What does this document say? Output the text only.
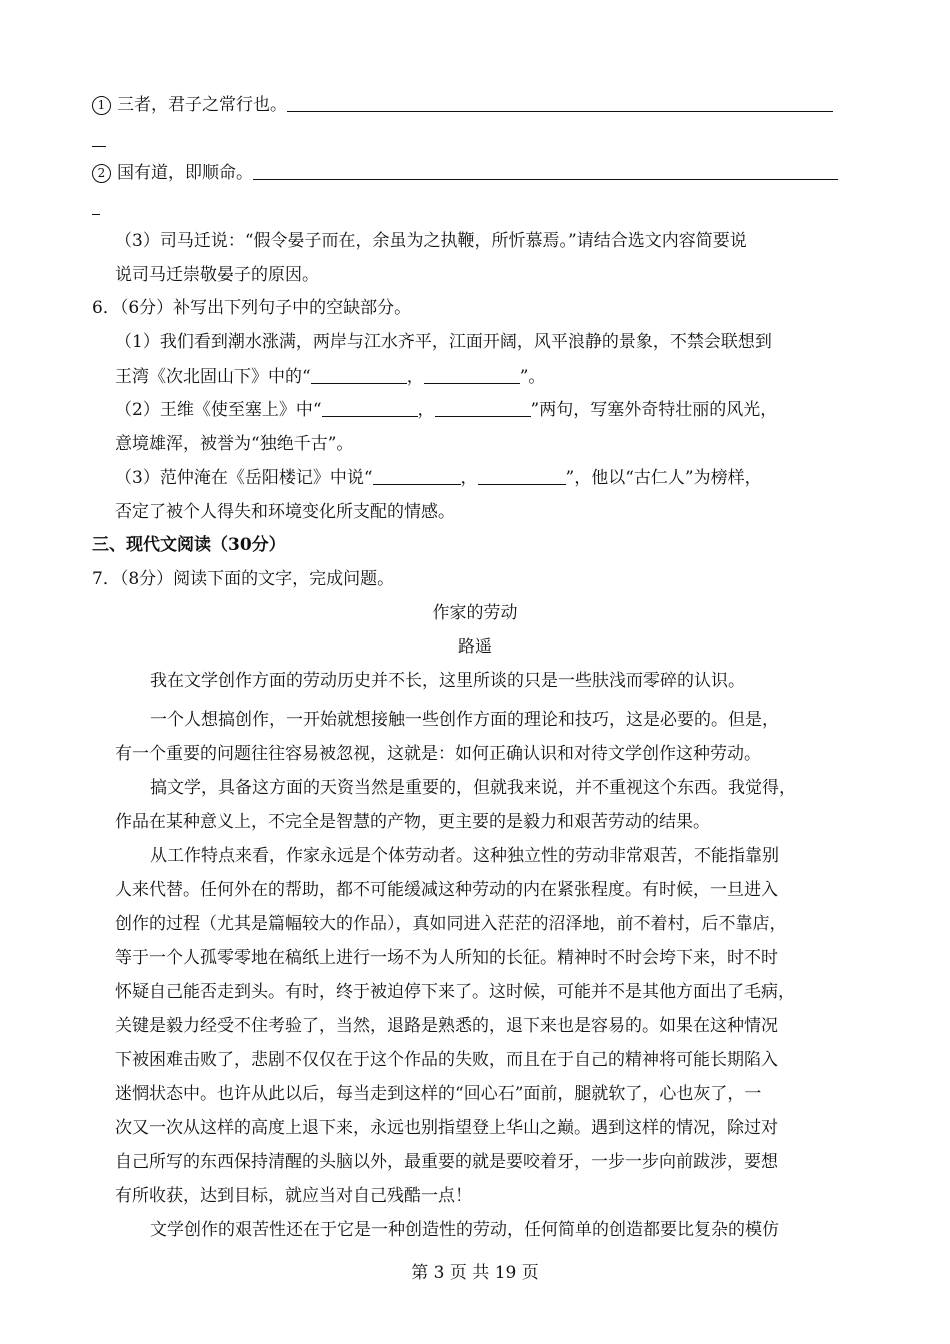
1 三者，君子之常行也。
2 国有道，即顺命。
（3）司马迁说：“假令晏子而在，余虽为之执鞭，所忻慕焉。”请结合选文内容简要说
说司马迁崇敬晏子的原因。
6．（6分）补写出下列句子中的空缺部分。
（1）我们看到潮水涨满，两岸与江水齐平，江面开阔，风平浪静的景象，不禁会联想到
王湾《次北固山下》中的“	，	”。
（2）王维《使至塞上》中“	，	”两句，写塞外奇特壮丽的风光，
意境雄浑，被誉为“独绝千古”。
（3）范仲淹在《岳阳楼记》中说“	，	”，他以“古仁人”为榜样，
否定了被个人得失和环境变化所支配的情感。
三、现代文阅读（30分）
7．（8分）阅读下面的文字，完成问题。
作家的劳动
路遥
我在文学创作方面的劳动历史并不长，这里所谈的只是一些肤浅而零碎的认识。
一个人想搞创作，一开始就想接触一些创作方面的理论和技巧，这是必要的。但是，
有一个重要的问题往往容易被忽视，这就是：如何正确认识和对待文学创作这种劳动。
搞文学，具备这方面的天资当然是重要的，但就我来说，并不重视这个东西。我觉得，
作品在某种意义上，不完全是智慧的产物，更主要的是毅力和艰苦劳动的结果。
从工作特点来看，作家永远是个体劳动者。这种独立性的劳动非常艰苦，不能指靠别
人来代替。任何外在的帮助，都不可能缓减这种劳动的内在紧张程度。有时候，一旦进入
创作的过程（尤其是篇幅较大的作品），真如同进入茫茫的沼泽地，前不着村，后不靠店，
等于一个人孤零零地在稿纸上进行一场不为人所知的长征。精神时不时会垮下来，时不时
怀疑自己能否走到头。有时，终于被迫停下来了。这时候，可能并不是其他方面出了毛病，
关键是毅力经受不住考验了，当然，退路是熟悉的，退下来也是容易的。如果在这种情况
下被困难击败了，悲剧不仅仅在于这个作品的失败，而且在于自己的精神将可能长期陷入
迷惘状态中。也许从此以后，每当走到这样的“回心石”面前，腿就软了，心也灰了，一
次又一次从这样的高度上退下来，永远也别指望登上华山之巅。遇到这样的情况，除过对
自己所写的东西保持清醒的头脑以外，最重要的就是要咬着牙，一步一步向前跋涉，要想
有所收获，达到目标，就应当对自己残酷一点！
文学创作的艰苦性还在于它是一种创造性的劳动，任何简单的创造都要比复杂的模仿
第 3 页 共 19 页
